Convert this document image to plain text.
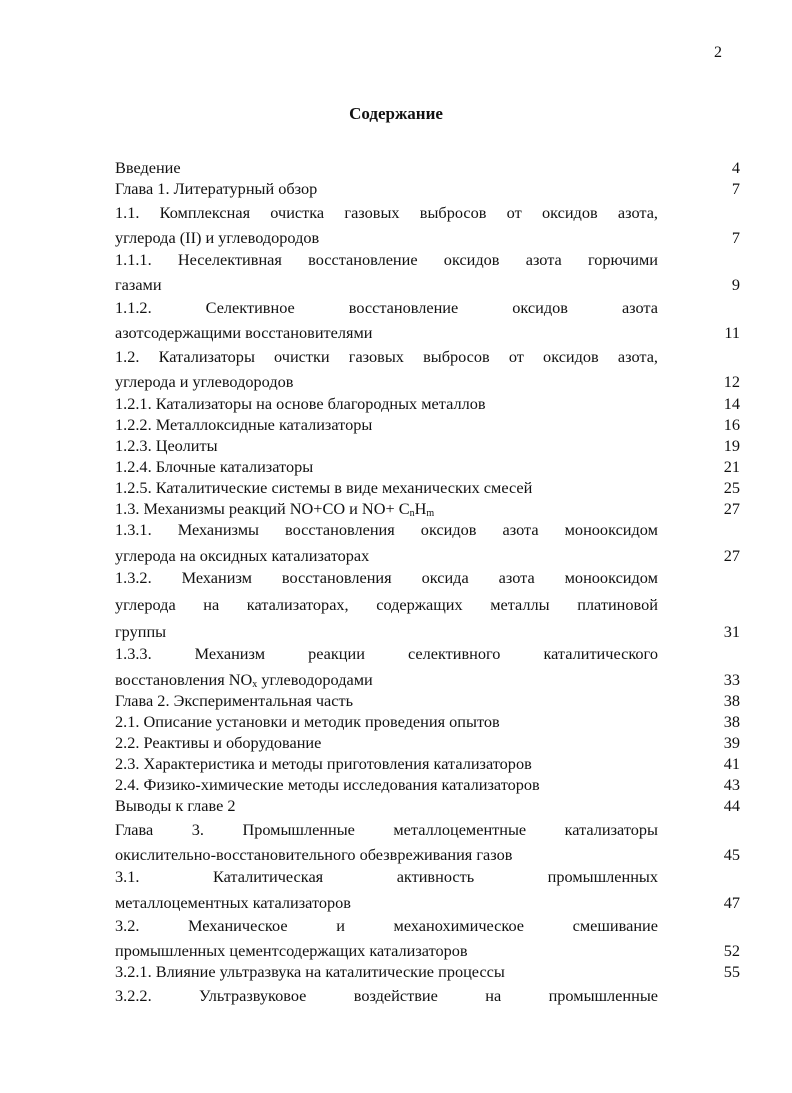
2
Содержание
Введение	4
Глава 1. Литературный обзор	7
1.1. Комплексная очистка газовых выбросов от оксидов азота,
углерода (II) и углеводородов	7
1.1.1. Неселективная восстановление оксидов азота горючими
газами	9
1.1.2.	Селективное	восстановление	оксидов	азота
азотсодержащими восстановителями	11
1.2. Катализаторы очистки газовых выбросов от оксидов азота,
углерода и углеводородов	12
1.2.1. Катализаторы на основе благородных металлов	14
1.2.2. Металлоксидные катализаторы	16
1.2.3. Цеолиты	19
1.2.4. Блочные катализаторы	21
1.2.5. Каталитические системы в виде механических смесей	25
1.3. Механизмы реакций NO+CO и $NO+ C_nH_m$	27
1.3.1. Механизмы восстановления оксидов азота монооксидом
углерода на оксидных катализаторах	27
1.3.2. Механизм восстановления оксида азота монооксидом
углерода на катализаторах, содержащих металлы платиновой
группы	31
1.3.3.	Механизм	реакции	селективного	каталитического
восстановления $NO_x$ углеводородами	33
Глава 2. Экспериментальная часть	38
2.1. Описание установки и методик проведения опытов	38
2.2. Реактивы и оборудование	39
2.3. Характеристика и методы приготовления катализаторов	41
2.4. Физико-химические методы исследования катализаторов	43
Выводы к главе 2	44
Глава 3. Промышленные металлоцементные катализаторы
окислительно-восстановительного обезвреживания газов	45
3.1.	Каталитическая	активность	промышленных
металлоцементных катализаторов	47
3.2.	Механическое	и	механохимическое	смешивание
промышленных цементсодержащих катализаторов	52
3.2.1. Влияние ультразвука на каталитические процессы	55
3.2.2.	Ультразвуковое	воздействие	на	промышленные
